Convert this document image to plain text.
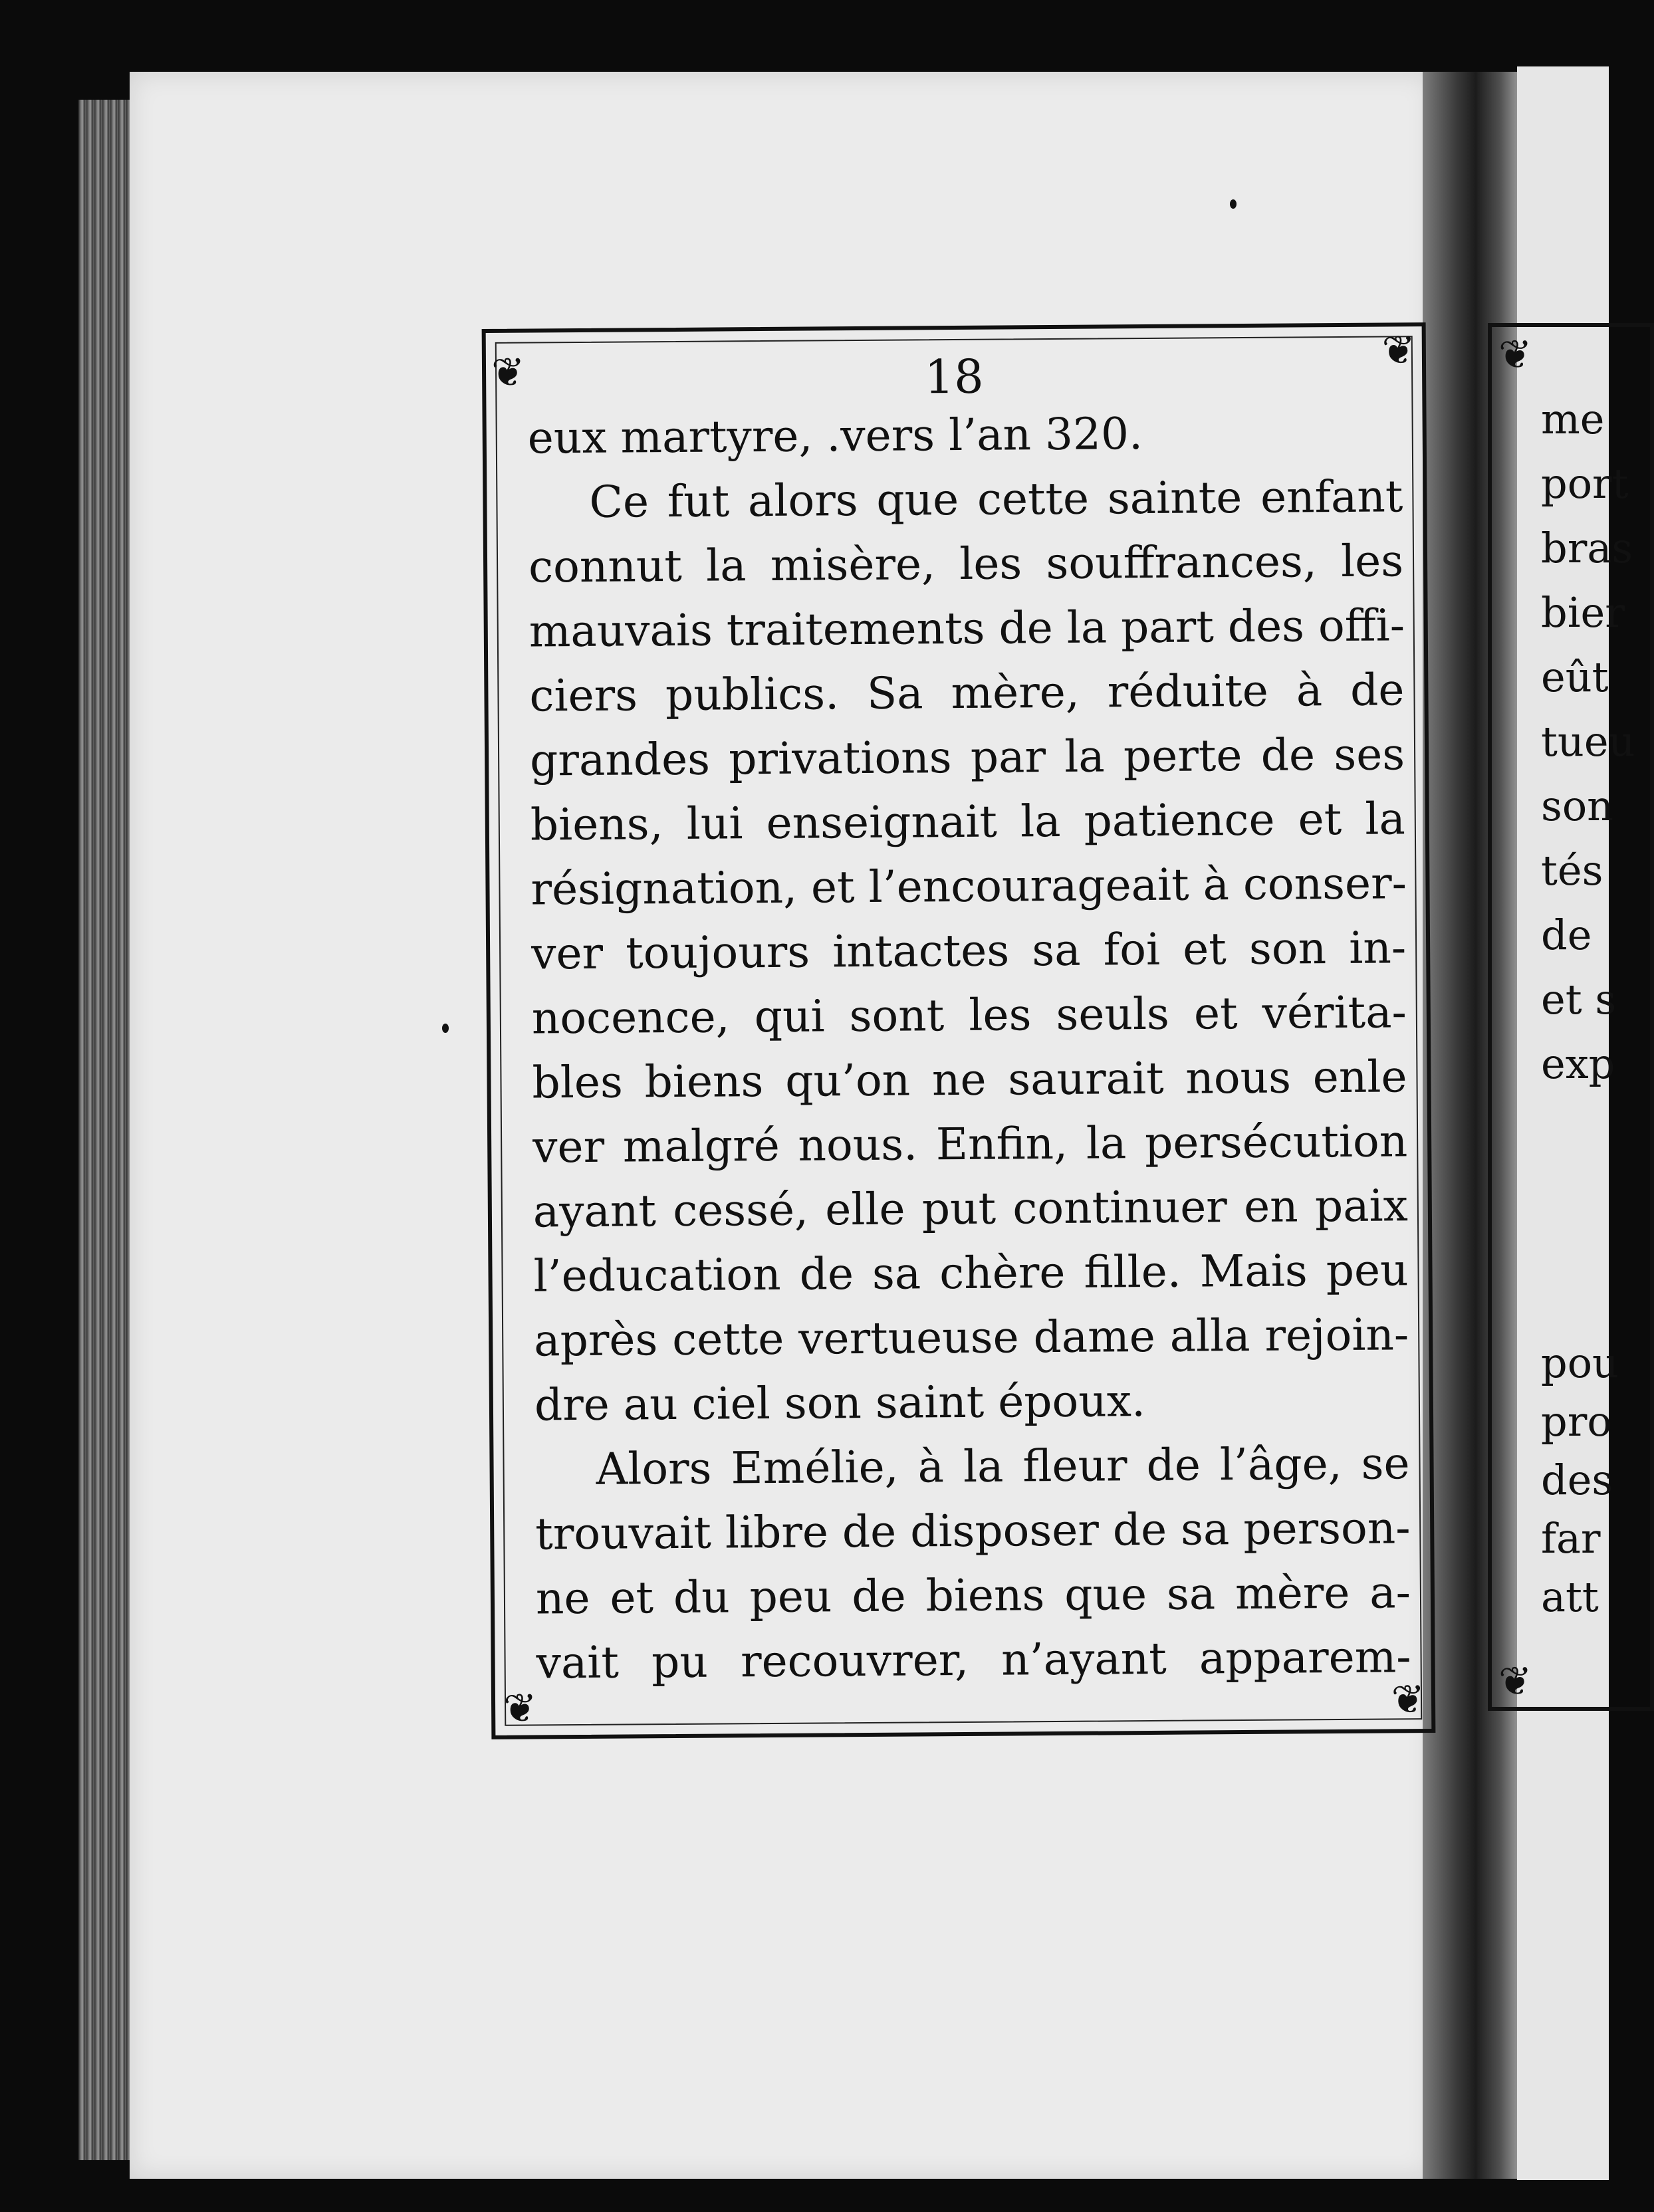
❦	❦
❦	❦
18
eux martyre, .vers l’an 320.
Ce fut alors que cette sainte enfant
connut la misère, les souffrances, les
mauvais traitements de la part des offi-
ciers publics. Sa mère, réduite à de
grandes privations par la perte de ses
biens, lui enseignait la patience et la
résignation, et l’encourageait à conser-
ver toujours intactes sa foi et son in-
nocence, qui sont les seuls et vérita-
bles biens qu’on ne saurait nous enle
ver malgré nous. Enfin, la persécution
ayant cessé, elle put continuer en paix
l’education de sa chère fille. Mais peu
après cette vertueuse dame alla rejoin-
dre au ciel son saint époux.
Alors Emélie, à la fleur de l’âge, se
trouvait libre de disposer de sa person-
ne et du peu de biens que sa mère a-
vait pu recouvrer, n’ayant apparem-
❦
❦
me
port
bras
bier
eût
tueu
son
tés
de
et s
exp
pou
pro
des
far
att
